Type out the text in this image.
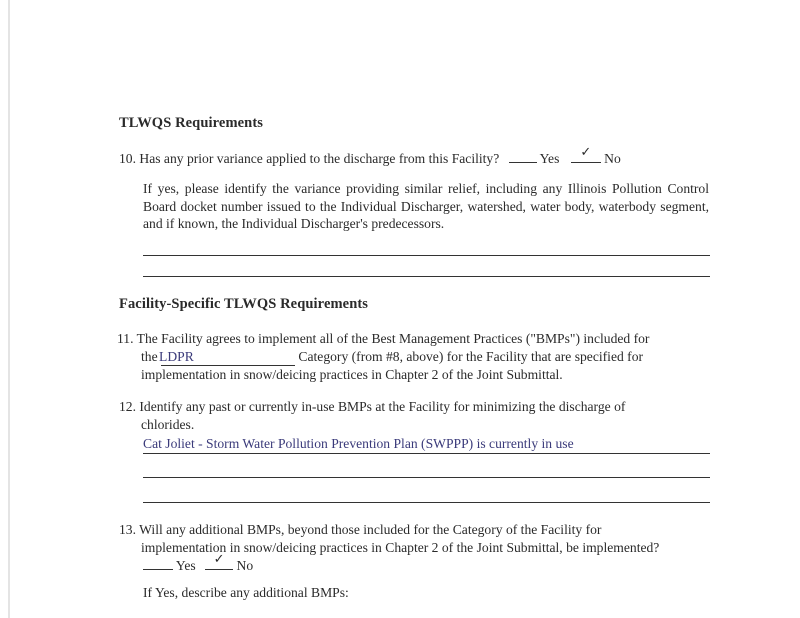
TLWQS Requirements
10. Has any prior variance applied to the discharge from this Facility?	Yes	✓ No
If yes, please identify the variance providing similar relief, including any Illinois Pollution Control Board docket number issued to the Individual Discharger, watershed, water body, waterbody segment, and if known, the Individual Discharger's predecessors.
Facility-Specific TLWQS Requirements
11. The Facility agrees to implement all of the Best Management Practices ("BMPs") included for
the LDPR	Category (from #8, above) for the Facility that are specified for
implementation in snow/deicing practices in Chapter 2 of the Joint Submittal.
12. Identify any past or currently in-use BMPs at the Facility for minimizing the discharge of
chlorides.
Cat Joliet - Storm Water Pollution Prevention Plan (SWPPP) is currently in use
13. Will any additional BMPs, beyond those included for the Category of the Facility for
implementation in snow/deicing practices in Chapter 2 of the Joint Submittal, be implemented?
Yes	✓ No
If Yes, describe any additional BMPs:
